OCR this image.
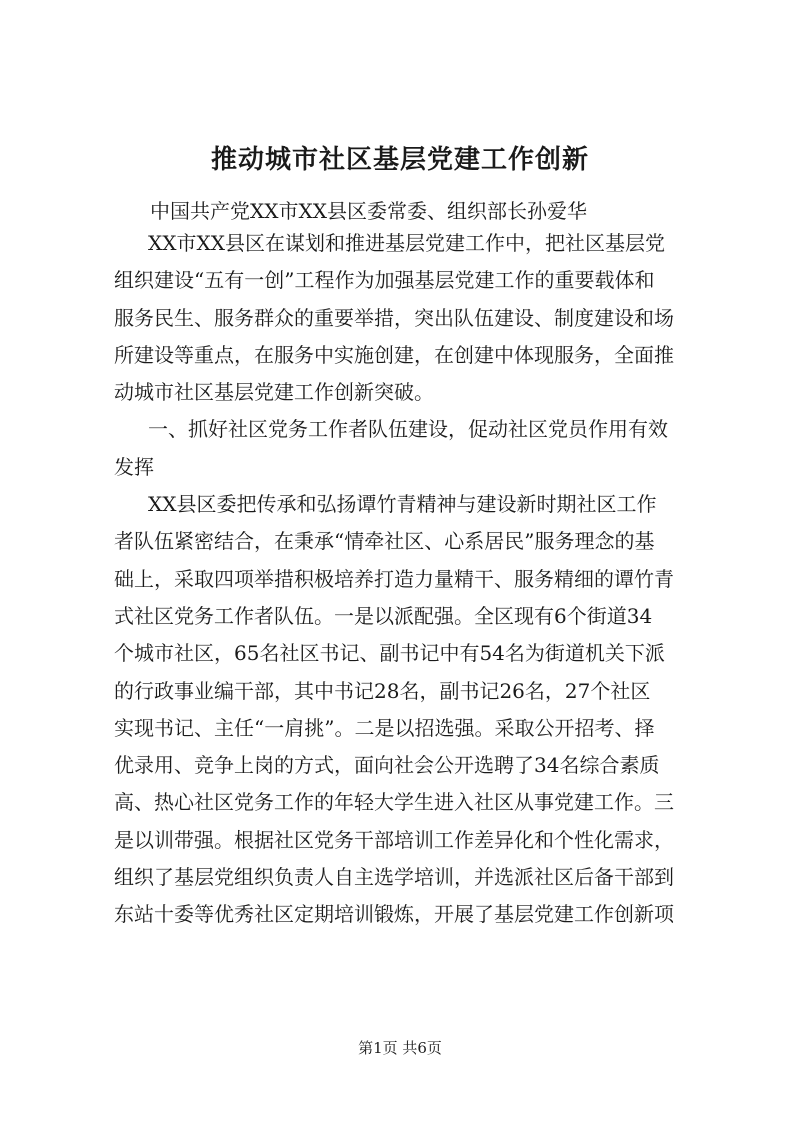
推动城市社区基层党建工作创新
中国共产党XX市XX县区委常委、组织部长孙爱华
XX市XX县区在谋划和推进基层党建工作中，把社区基层党
组织建设“五有一创”工程作为加强基层党建工作的重要载体和
服务民生、服务群众的重要举措，突出队伍建设、制度建设和场
所建设等重点，在服务中实施创建，在创建中体现服务，全面推
动城市社区基层党建工作创新突破。
一、抓好社区党务工作者队伍建设，促动社区党员作用有效
发挥
XX县区委把传承和弘扬谭竹青精神与建设新时期社区工作
者队伍紧密结合，在秉承“情牵社区、心系居民”服务理念的基
础上，采取四项举措积极培养打造力量精干、服务精细的谭竹青
式社区党务工作者队伍。一是以派配强。全区现有6个街道34
个城市社区，65名社区书记、副书记中有54名为街道机关下派
的行政事业编干部，其中书记28名，副书记26名，27个社区
实现书记、主任“一肩挑”。二是以招选强。采取公开招考、择
优录用、竞争上岗的方式，面向社会公开选聘了34名综合素质
高、热心社区党务工作的年轻大学生进入社区从事党建工作。三
是以训带强。根据社区党务干部培训工作差异化和个性化需求，
组织了基层党组织负责人自主选学培训，并选派社区后备干部到
东站十委等优秀社区定期培训锻炼，开展了基层党建工作创新项
第1页 共6页
